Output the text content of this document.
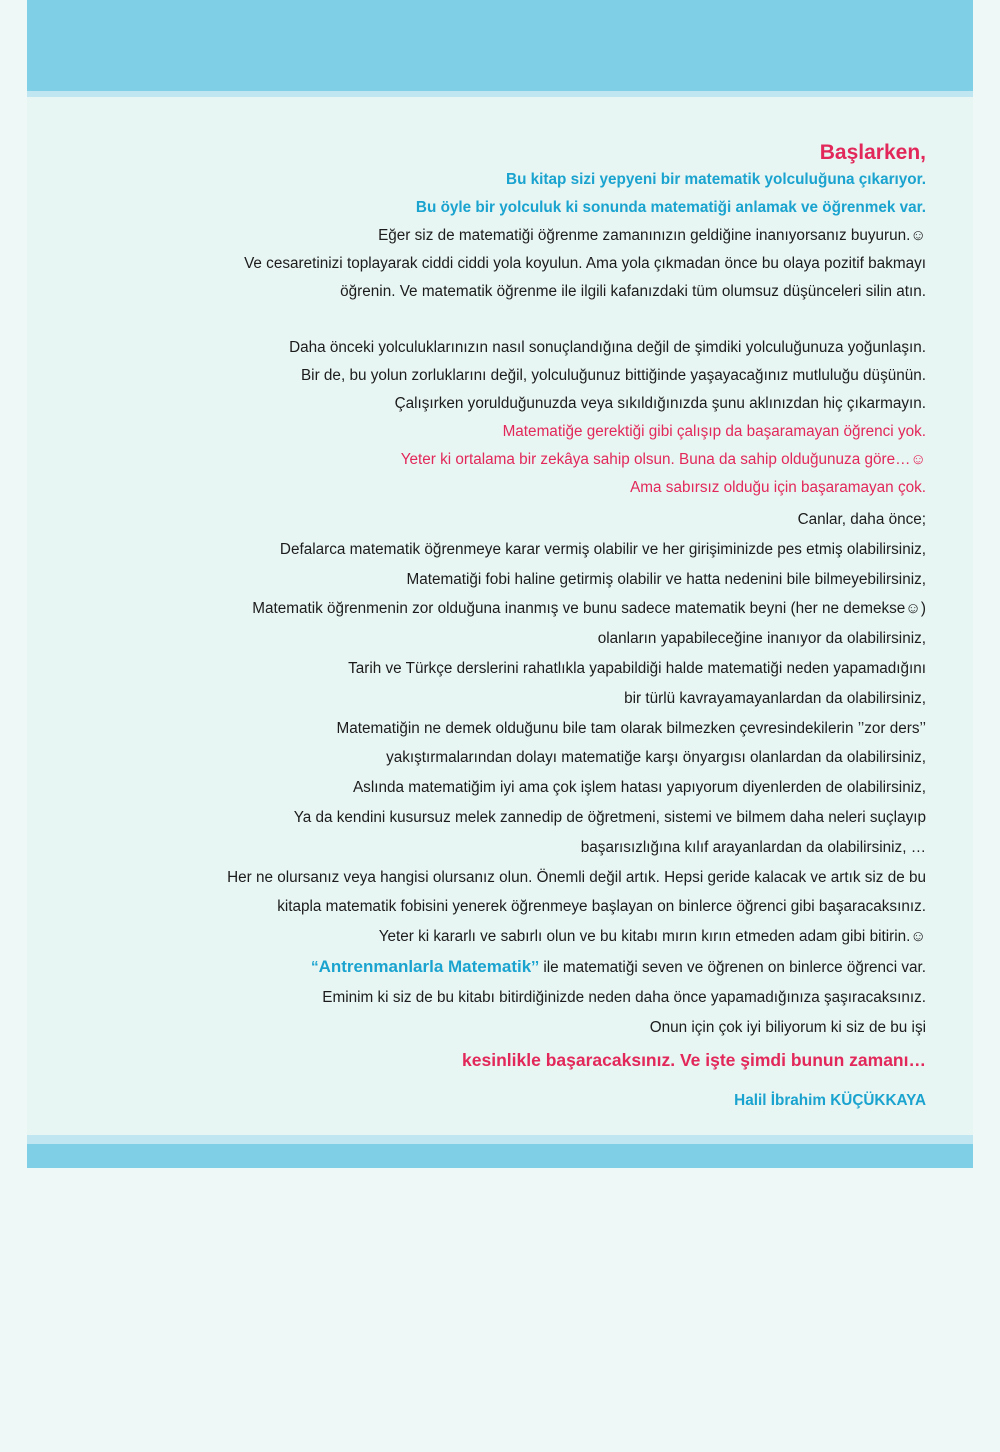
Başlarken,
Bu kitap sizi yepyeni bir matematik yolculuğuna çıkarıyor.
Bu öyle bir yolculuk ki sonunda matematiği anlamak ve öğrenmek var.
Eğer siz de matematiği öğrenme zamanınızın geldiğine inanıyorsanız buyurun.☺
Ve cesaretinizi toplayarak ciddi ciddi yola koyulun. Ama yola çıkmadan önce bu olaya pozitif bakmayı
öğrenin. Ve matematik öğrenme ile ilgili kafanızdaki tüm olumsuz düşünceleri silin atın.
Daha önceki yolculuklarınızın nasıl sonuçlandığına değil de şimdiki yolculuğunuza yoğunlaşın.
Bir de, bu yolun zorluklarını değil, yolculuğunuz bittiğinde yaşayacağınız mutluluğu düşünün.
Çalışırken yorulduğunuzda veya sıkıldığınızda şunu aklınızdan hiç çıkarmayın.
Matematiğe gerektiği gibi çalışıp da başaramayan öğrenci yok.
Yeter ki ortalama bir zekâya sahip olsun. Buna da sahip olduğunuza göre…☺
Ama sabırsız olduğu için başaramayan çok.
Canlar, daha önce;
Defalarca matematik öğrenmeye karar vermiş olabilir ve her girişiminizde pes etmiş olabilirsiniz,
Matematiği fobi haline getirmiş olabilir ve hatta nedenini bile bilmeyebilirsiniz,
Matematik öğrenmenin zor olduğuna inanmış ve bunu sadece matematik beyni (her ne demekse☺)
olanların yapabileceğine inanıyor da olabilirsiniz,
Tarih ve Türkçe derslerini rahatlıkla yapabildiği halde matematiği neden yapamadığını
bir türlü kavrayamayanlardan da olabilirsiniz,
Matematiğin ne demek olduğunu bile tam olarak bilmezken çevresindekilerin ’’zor ders’’
yakıştırmalarından dolayı matematiğe karşı önyargısı olanlardan da olabilirsiniz,
Aslında matematiğim iyi ama çok işlem hatası yapıyorum diyenlerden de olabilirsiniz,
Ya da kendini kusursuz melek zannedip de öğretmeni, sistemi ve bilmem daha neleri suçlayıp
başarısızlığına kılıf arayanlardan da olabilirsiniz, …
Her ne olursanız veya hangisi olursanız olun. Önemli değil artık. Hepsi geride kalacak ve artık siz de bu
kitapla matematik fobisini yenerek öğrenmeye başlayan on binlerce öğrenci gibi başaracaksınız.
Yeter ki kararlı ve sabırlı olun ve bu kitabı mırın kırın etmeden adam gibi bitirin.☺
“Antrenmanlarla Matematik’’ ile matematiği seven ve öğrenen on binlerce öğrenci var.
Eminim ki siz de bu kitabı bitirdiğinizde neden daha önce yapamadığınıza şaşıracaksınız.
Onun için çok iyi biliyorum ki siz de bu işi
kesinlikle başaracaksınız. Ve işte şimdi bunun zamanı…
Halil İbrahim KÜÇÜKKAYA
